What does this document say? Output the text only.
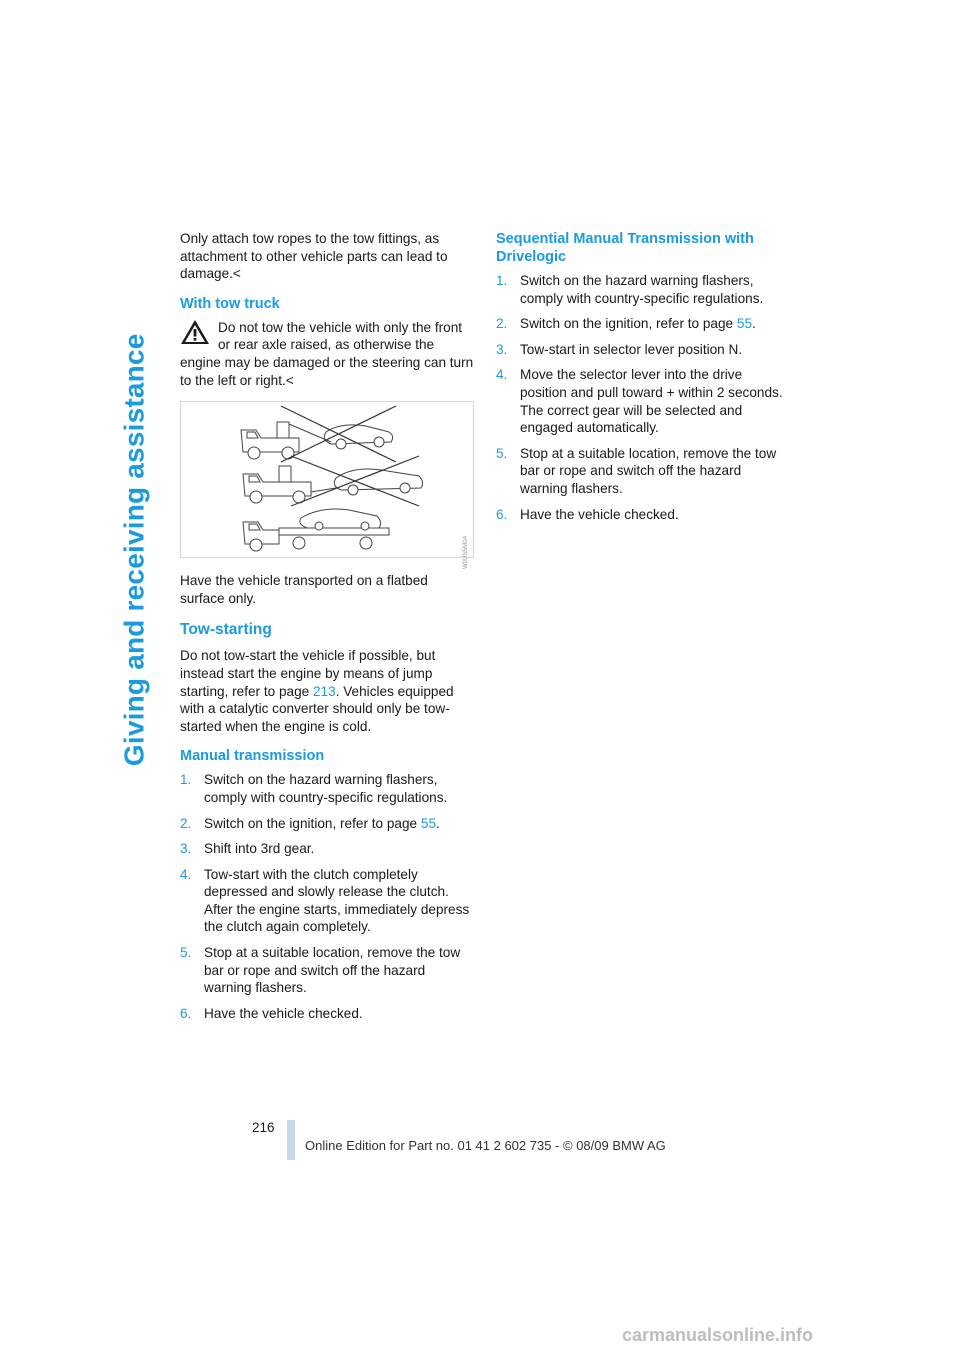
Giving and receiving assistance

Only attach tow ropes to the tow fittings, as attachment to other vehicle parts can lead to damage.<

With tow truck
Do not tow the vehicle with only the front or rear axle raised, as otherwise the engine may be damaged or the steering can turn to the left or right.<
W0UN5M0A

Have the vehicle transported on a flatbed surface only.

Tow-starting

Do not tow-start the vehicle if possible, but instead start the engine by means of jump starting, refer to page 213. Vehicles equipped with a catalytic converter should only be tow-started when the engine is cold.

Manual transmission
1. Switch on the hazard warning flashers, comply with country-specific regulations.
2. Switch on the ignition, refer to page 55.
3. Shift into 3rd gear.
4. Tow-start with the clutch completely depressed and slowly release the clutch. After the engine starts, immediately depress the clutch again completely.
5. Stop at a suitable location, remove the tow bar or rope and switch off the hazard warning flashers.
6. Have the vehicle checked.
Sequential Manual Transmission with Drivelogic
1. Switch on the hazard warning flashers, comply with country-specific regulations.
2. Switch on the ignition, refer to page 55.
3. Tow-start in selector lever position N.
4. Move the selector lever into the drive position and pull toward + within 2 seconds. The correct gear will be selected and engaged automatically.
5. Stop at a suitable location, remove the tow bar or rope and switch off the hazard warning flashers.
6. Have the vehicle checked.
216
Online Edition for Part no. 01 41 2 602 735 - © 08/09 BMW AG
carmanualsonline.info
